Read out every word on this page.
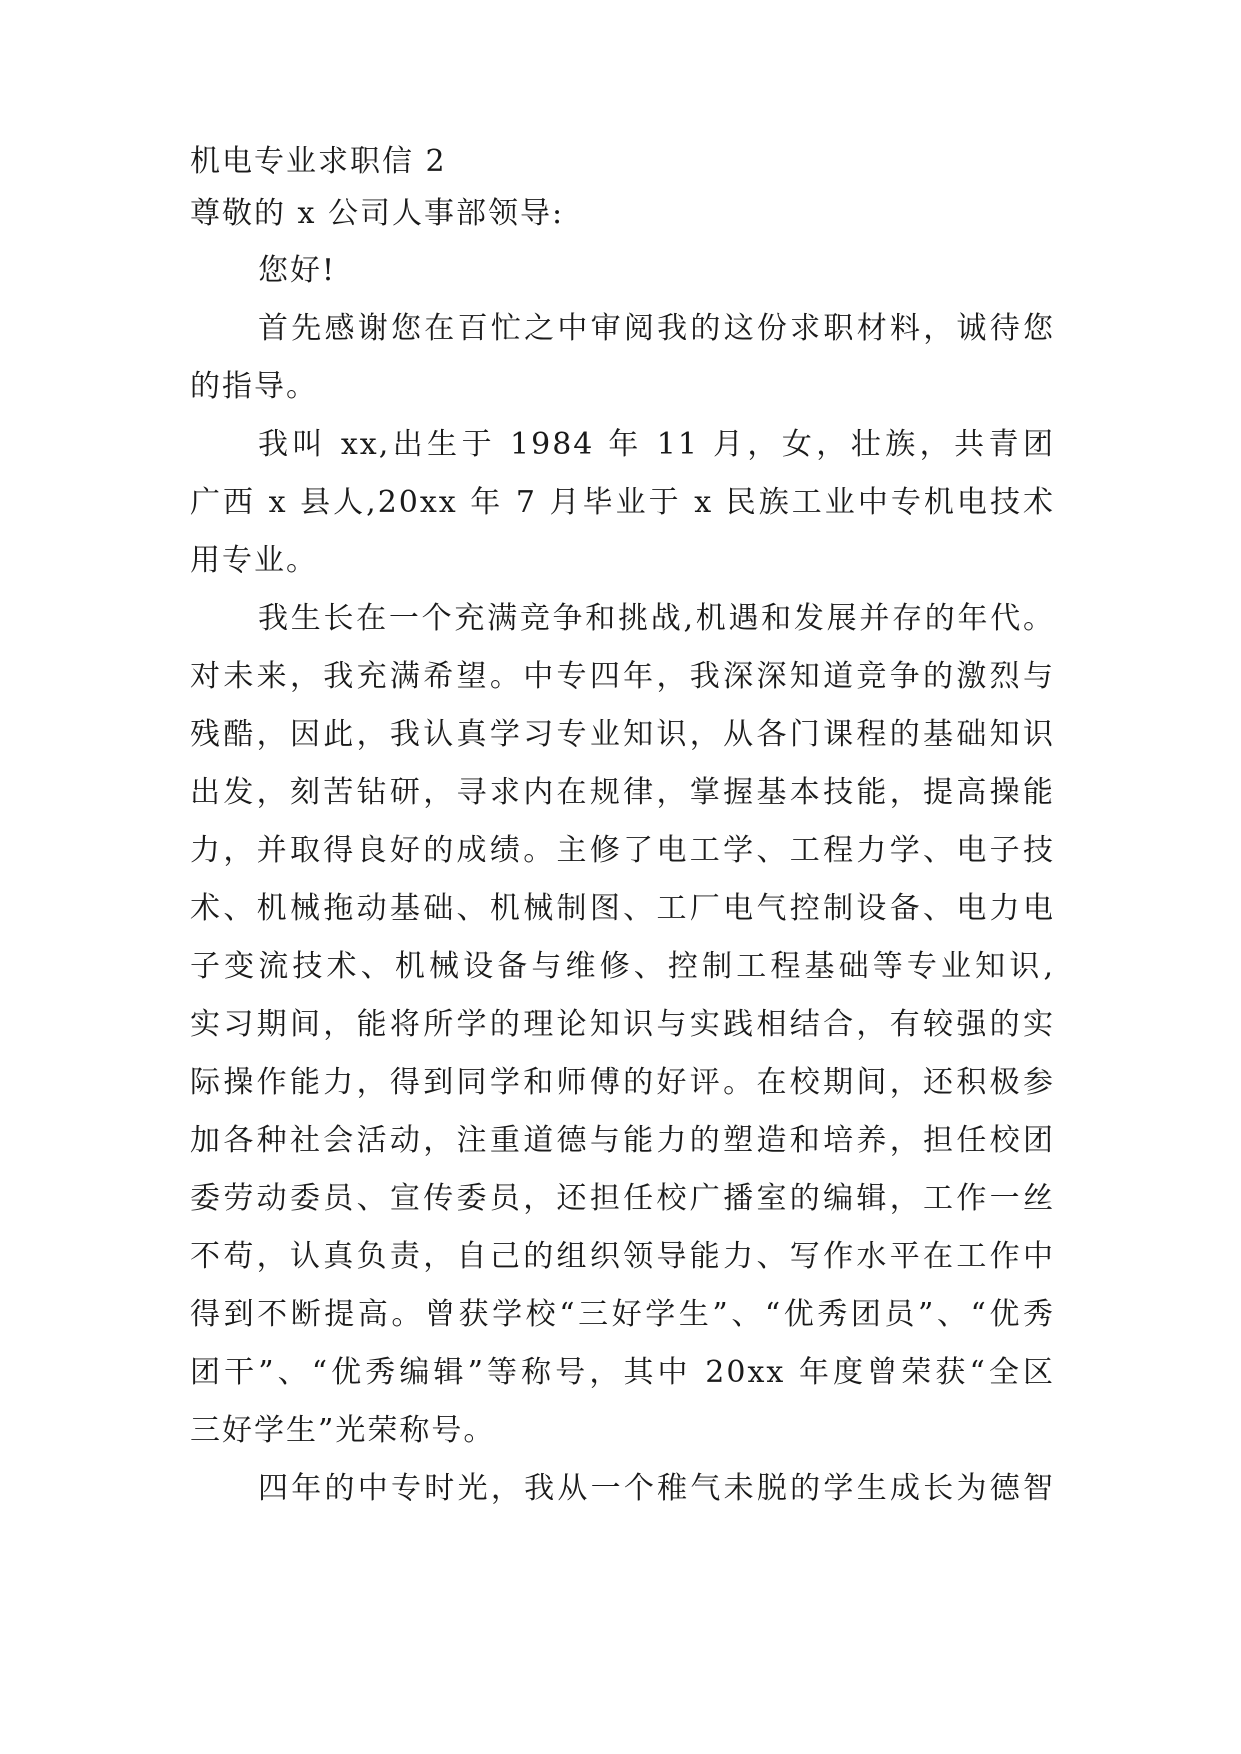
机电专业求职信 2
尊敬的 x 公司人事部领导:
您好!
首先感谢您在百忙之中审阅我的这份求职材料，诚待您
的指导。
我叫 xx,出生于 1984 年 11 月，女，壮族，共青团
广西 x 县人,20xx 年 7 月毕业于 x 民族工业中专机电技术
用专业。
我生长在一个充满竞争和挑战,机遇和发展并存的年代。
对未来，我充满希望。中专四年，我深深知道竞争的激烈与
残酷，因此，我认真学习专业知识，从各门课程的基础知识
出发，刻苦钻研，寻求内在规律，掌握基本技能，提高操能
力，并取得良好的成绩。主修了电工学、工程力学、电子技
术、机械拖动基础、机械制图、工厂电气控制设备、电力电
子变流技术、机械设备与维修、控制工程基础等专业知识,
实习期间，能将所学的理论知识与实践相结合，有较强的实
际操作能力，得到同学和师傅的好评。在校期间，还积极参
加各种社会活动，注重道德与能力的塑造和培养，担任校团
委劳动委员、宣传委员，还担任校广播室的编辑，工作一丝
不苟，认真负责，自己的组织领导能力、写作水平在工作中
得到不断提高。曾获学校“三好学生”、“优秀团员”、“优秀
团干”、“优秀编辑”等称号，其中 20xx 年度曾荣获“全区
三好学生”光荣称号。
四年的中专时光，我从一个稚气未脱的学生成长为德智
